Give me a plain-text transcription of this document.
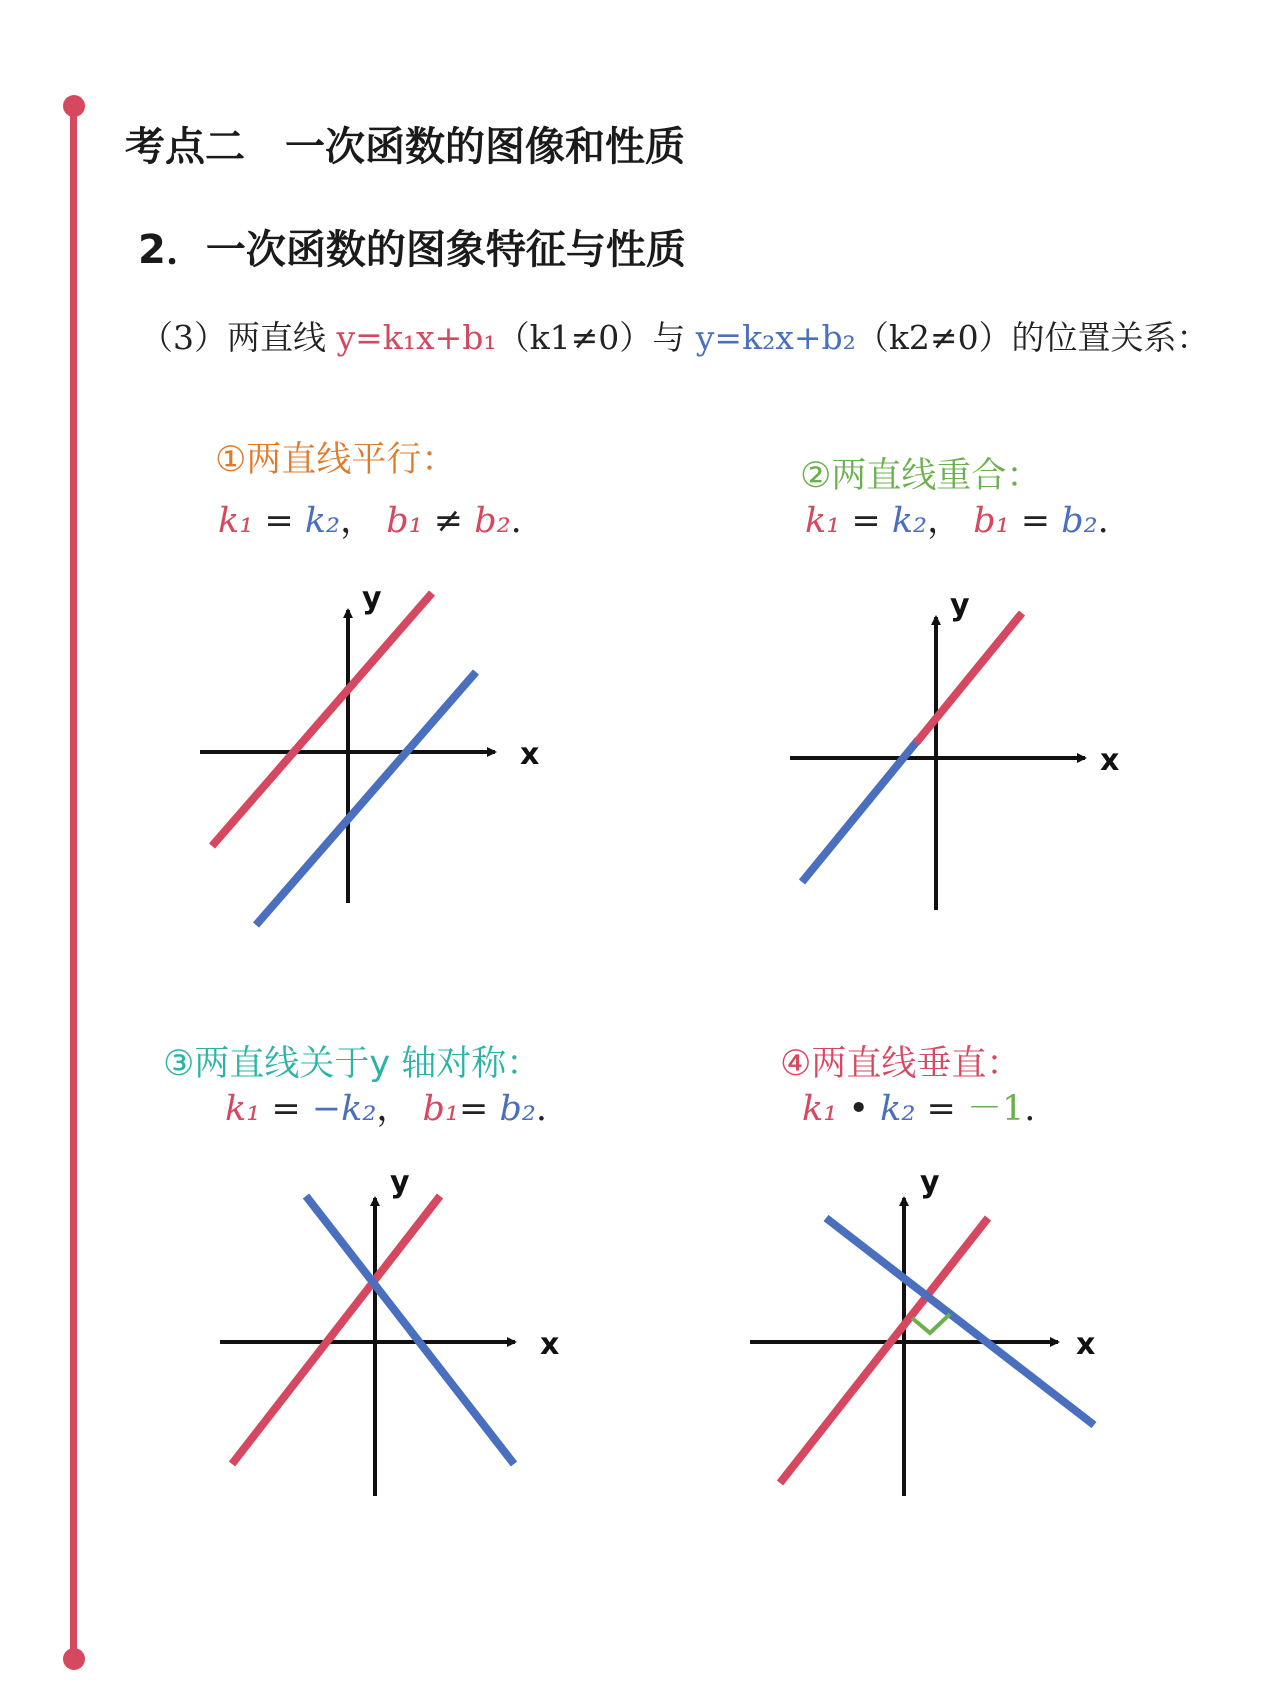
考点二　一次函数的图像和性质
2．一次函数的图象特征与性质
（3）两直线 y=k₁x+b₁（k1≠0）与 y=k₂x+b₂（k2≠0）的位置关系：
①两直线平行：
k₁ = k₂， b₁ ≠ b₂.
②两直线重合：
k₁ = k₂， b₁ = b₂.
③两直线关于y 轴对称：
k₁ = −k₂， b₁= b₂.
④两直线垂直：
k₁ • k₂ = －1.
x
y
x
y
x
y
x
y
